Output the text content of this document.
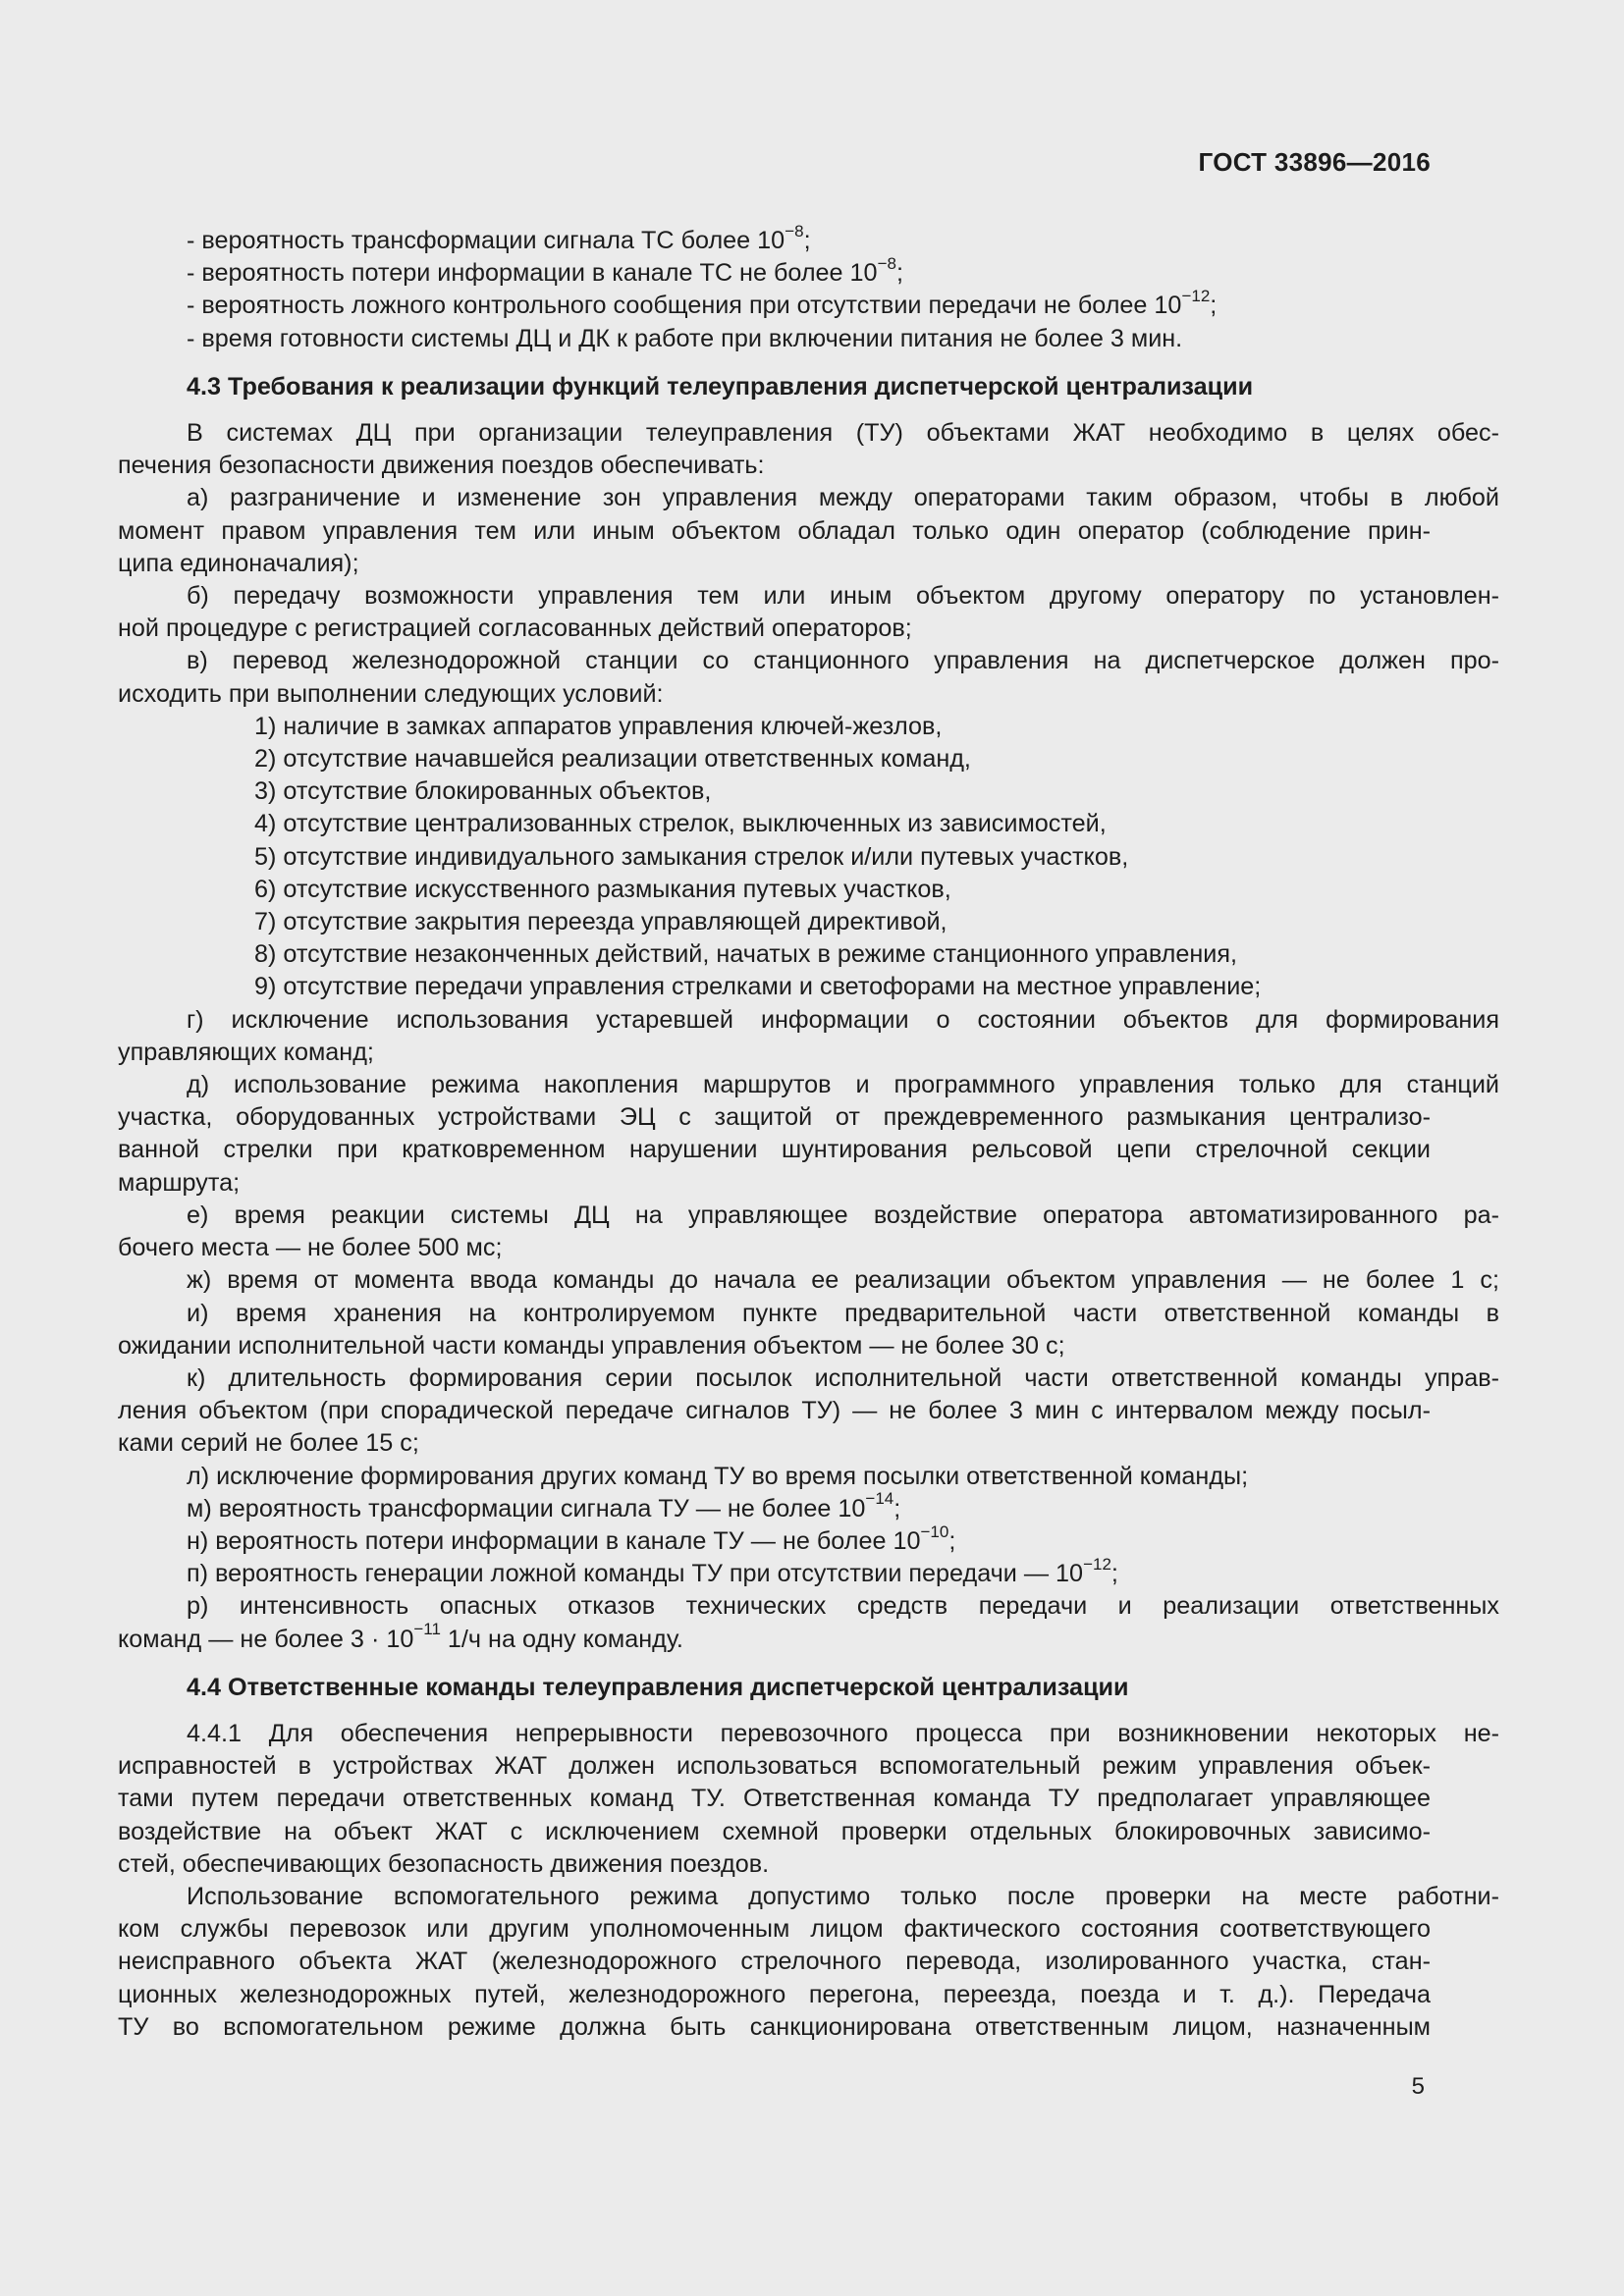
ГОСТ 33896—2016
- вероятность трансформации сигнала ТС более $10^{-8}$;
- вероятность потери информации в канале ТС не более $10^{-8}$;
- вероятность ложного контрольного сообщения при отсутствии передачи не более $10^{-12}$;
- время готовности системы ДЦ и ДК к работе при включении питания не более 3 мин.
4.3 Требования к реализации функций телеуправления диспетчерской централизации
В системах ДЦ при организации телеуправления (ТУ) объектами ЖАТ необходимо в целях обес-
печения безопасности движения поездов обеспечивать:
а) разграничение и изменение зон управления между операторами таким образом, чтобы в любой
момент правом управления тем или иным объектом обладал только один оператор (соблюдение прин-
ципа единоначалия);
б) передачу возможности управления тем или иным объектом другому оператору по установлен-
ной процедуре с регистрацией согласованных действий операторов;
в) перевод железнодорожной станции со станционного управления на диспетчерское должен про-
исходить при выполнении следующих условий:
1) наличие в замках аппаратов управления ключей-жезлов,
2) отсутствие начавшейся реализации ответственных команд,
3) отсутствие блокированных объектов,
4) отсутствие централизованных стрелок, выключенных из зависимостей,
5) отсутствие индивидуального замыкания стрелок и/или путевых участков,
6) отсутствие искусственного размыкания путевых участков,
7) отсутствие закрытия переезда управляющей директивой,
8) отсутствие незаконченных действий, начатых в режиме станционного управления,
9) отсутствие передачи управления стрелками и светофорами на местное управление;
г) исключение использования устаревшей информации о состоянии объектов для формирования
управляющих команд;
д) использование режима накопления маршрутов и программного управления только для станций
участка, оборудованных устройствами ЭЦ с защитой от преждевременного размыкания централизо-
ванной стрелки при кратковременном нарушении шунтирования рельсовой цепи стрелочной секции
маршрута;
е) время реакции системы ДЦ на управляющее воздействие оператора автоматизированного ра-
бочего места — не более 500 мс;
ж) время от момента ввода команды до начала ее реализации объектом управления — не более 1 с;
и) время хранения на контролируемом пункте предварительной части ответственной команды в
ожидании исполнительной части команды управления объектом — не более 30 с;
к) длительность формирования серии посылок исполнительной части ответственной команды управ-
ления объектом (при спорадической передаче сигналов ТУ) — не более 3 мин с интервалом между посыл-
ками серий не более 15 с;
л) исключение формирования других команд ТУ во время посылки ответственной команды;
м) вероятность трансформации сигнала ТУ — не более $10^{-14}$;
н) вероятность потери информации в канале ТУ — не более $10^{-10}$;
п) вероятность генерации ложной команды ТУ при отсутствии передачи — $10^{-12}$;
р) интенсивность опасных отказов технических средств передачи и реализации ответственных
команд — не более $3 \cdot 10^{-11}$ 1/ч на одну команду.
4.4 Ответственные команды телеуправления диспетчерской централизации
4.4.1 Для обеспечения непрерывности перевозочного процесса при возникновении некоторых не-
исправностей в устройствах ЖАТ должен использоваться вспомогательный режим управления объек-
тами путем передачи ответственных команд ТУ. Ответственная команда ТУ предполагает управляющее
воздействие на объект ЖАТ с исключением схемной проверки отдельных блокировочных зависимо-
стей, обеспечивающих безопасность движения поездов.
Использование вспомогательного режима допустимо только после проверки на месте работни-
ком службы перевозок или другим уполномоченным лицом фактического состояния соответствующего
неисправного объекта ЖАТ (железнодорожного стрелочного перевода, изолированного участка, стан-
ционных железнодорожных путей, железнодорожного перегона, переезда, поезда и т. д.). Передача
ТУ во вспомогательном режиме должна быть санкционирована ответственным лицом, назначенным
5
